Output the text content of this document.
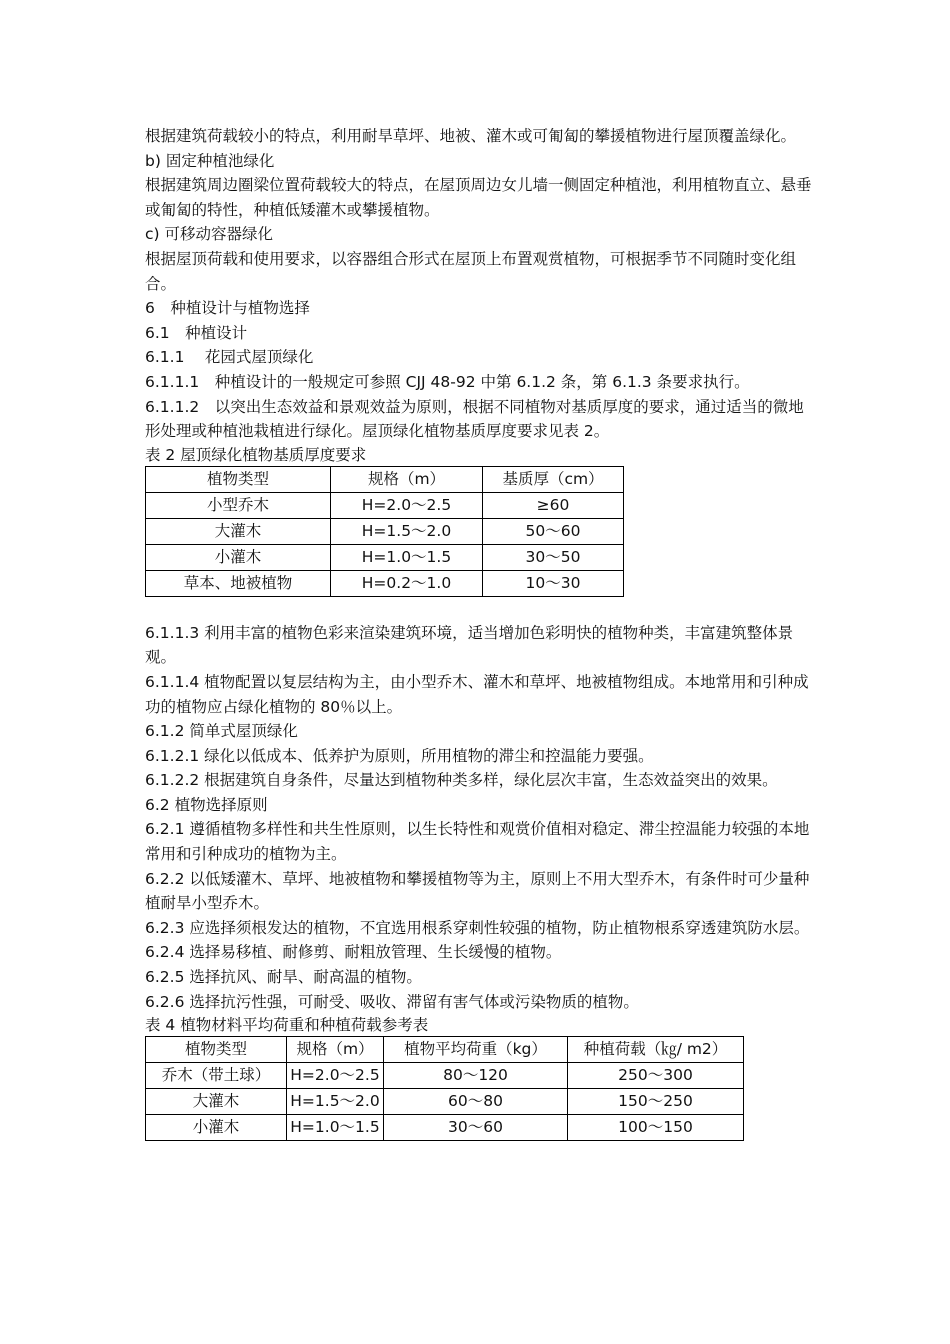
根据建筑荷载较小的特点，利用耐旱草坪、地被、灌木或可匍匐的攀援植物进行屋顶覆盖绿化。

b) 固定种植池绿化

根据建筑周边圈梁位置荷载较大的特点，在屋顶周边女儿墙一侧固定种植池，利用植物直立、悬垂或匍匐的特性，种植低矮灌木或攀援植物。

c) 可移动容器绿化

根据屋顶荷载和使用要求，以容器组合形式在屋顶上布置观赏植物，可根据季节不同随时变化组合。

6　种植设计与植物选择

6.1　种植设计

6.1.1　 花园式屋顶绿化

6.1.1.1　种植设计的一般规定可参照 CJJ 48-92 中第 6.1.2 条，第 6.1.3 条要求执行。

6.1.1.2　以突出生态效益和景观效益为原则，根据不同植物对基质厚度的要求，通过适当的微地形处理或种植池栽植进行绿化。屋顶绿化植物基质厚度要求见表 2。

表 2 屋顶绿化植物基质厚度要求

植物类型	规格（m）	基质厚（cm）
小型乔木	H=2.0～2.5	≥60
大灌木	H=1.5～2.0	50～60
小灌木	H=1.0～1.5	30～50
草本、地被植物	H=0.2～1.0	10～30

6.1.1.3 利用丰富的植物色彩来渲染建筑环境，适当增加色彩明快的植物种类，丰富建筑整体景观。

6.1.1.4 植物配置以复层结构为主，由小型乔木、灌木和草坪、地被植物组成。本地常用和引种成功的植物应占绿化植物的 80％以上。

6.1.2 简单式屋顶绿化

6.1.2.1 绿化以低成本、低养护为原则，所用植物的滞尘和控温能力要强。

6.1.2.2 根据建筑自身条件，尽量达到植物种类多样，绿化层次丰富，生态效益突出的效果。

6.2 植物选择原则

6.2.1 遵循植物多样性和共生性原则，以生长特性和观赏价值相对稳定、滞尘控温能力较强的本地常用和引种成功的植物为主。

6.2.2 以低矮灌木、草坪、地被植物和攀援植物等为主，原则上不用大型乔木，有条件时可少量种植耐旱小型乔木。

6.2.3 应选择须根发达的植物，不宜选用根系穿刺性较强的植物，防止植物根系穿透建筑防水层。

6.2.4 选择易移植、耐修剪、耐粗放管理、生长缓慢的植物。

6.2.5 选择抗风、耐旱、耐高温的植物。

6.2.6 选择抗污性强，可耐受、吸收、滞留有害气体或污染物质的植物。

表 4 植物材料平均荷重和种植荷载参考表

植物类型	规格（m）	植物平均荷重（kg）	种植荷载（㎏/ m2）
乔木（带土球）	H=2.0～2.5	80～120	250～300
大灌木	H=1.5～2.0	60～80	150～250
小灌木	H=1.0～1.5	30～60	100～150
